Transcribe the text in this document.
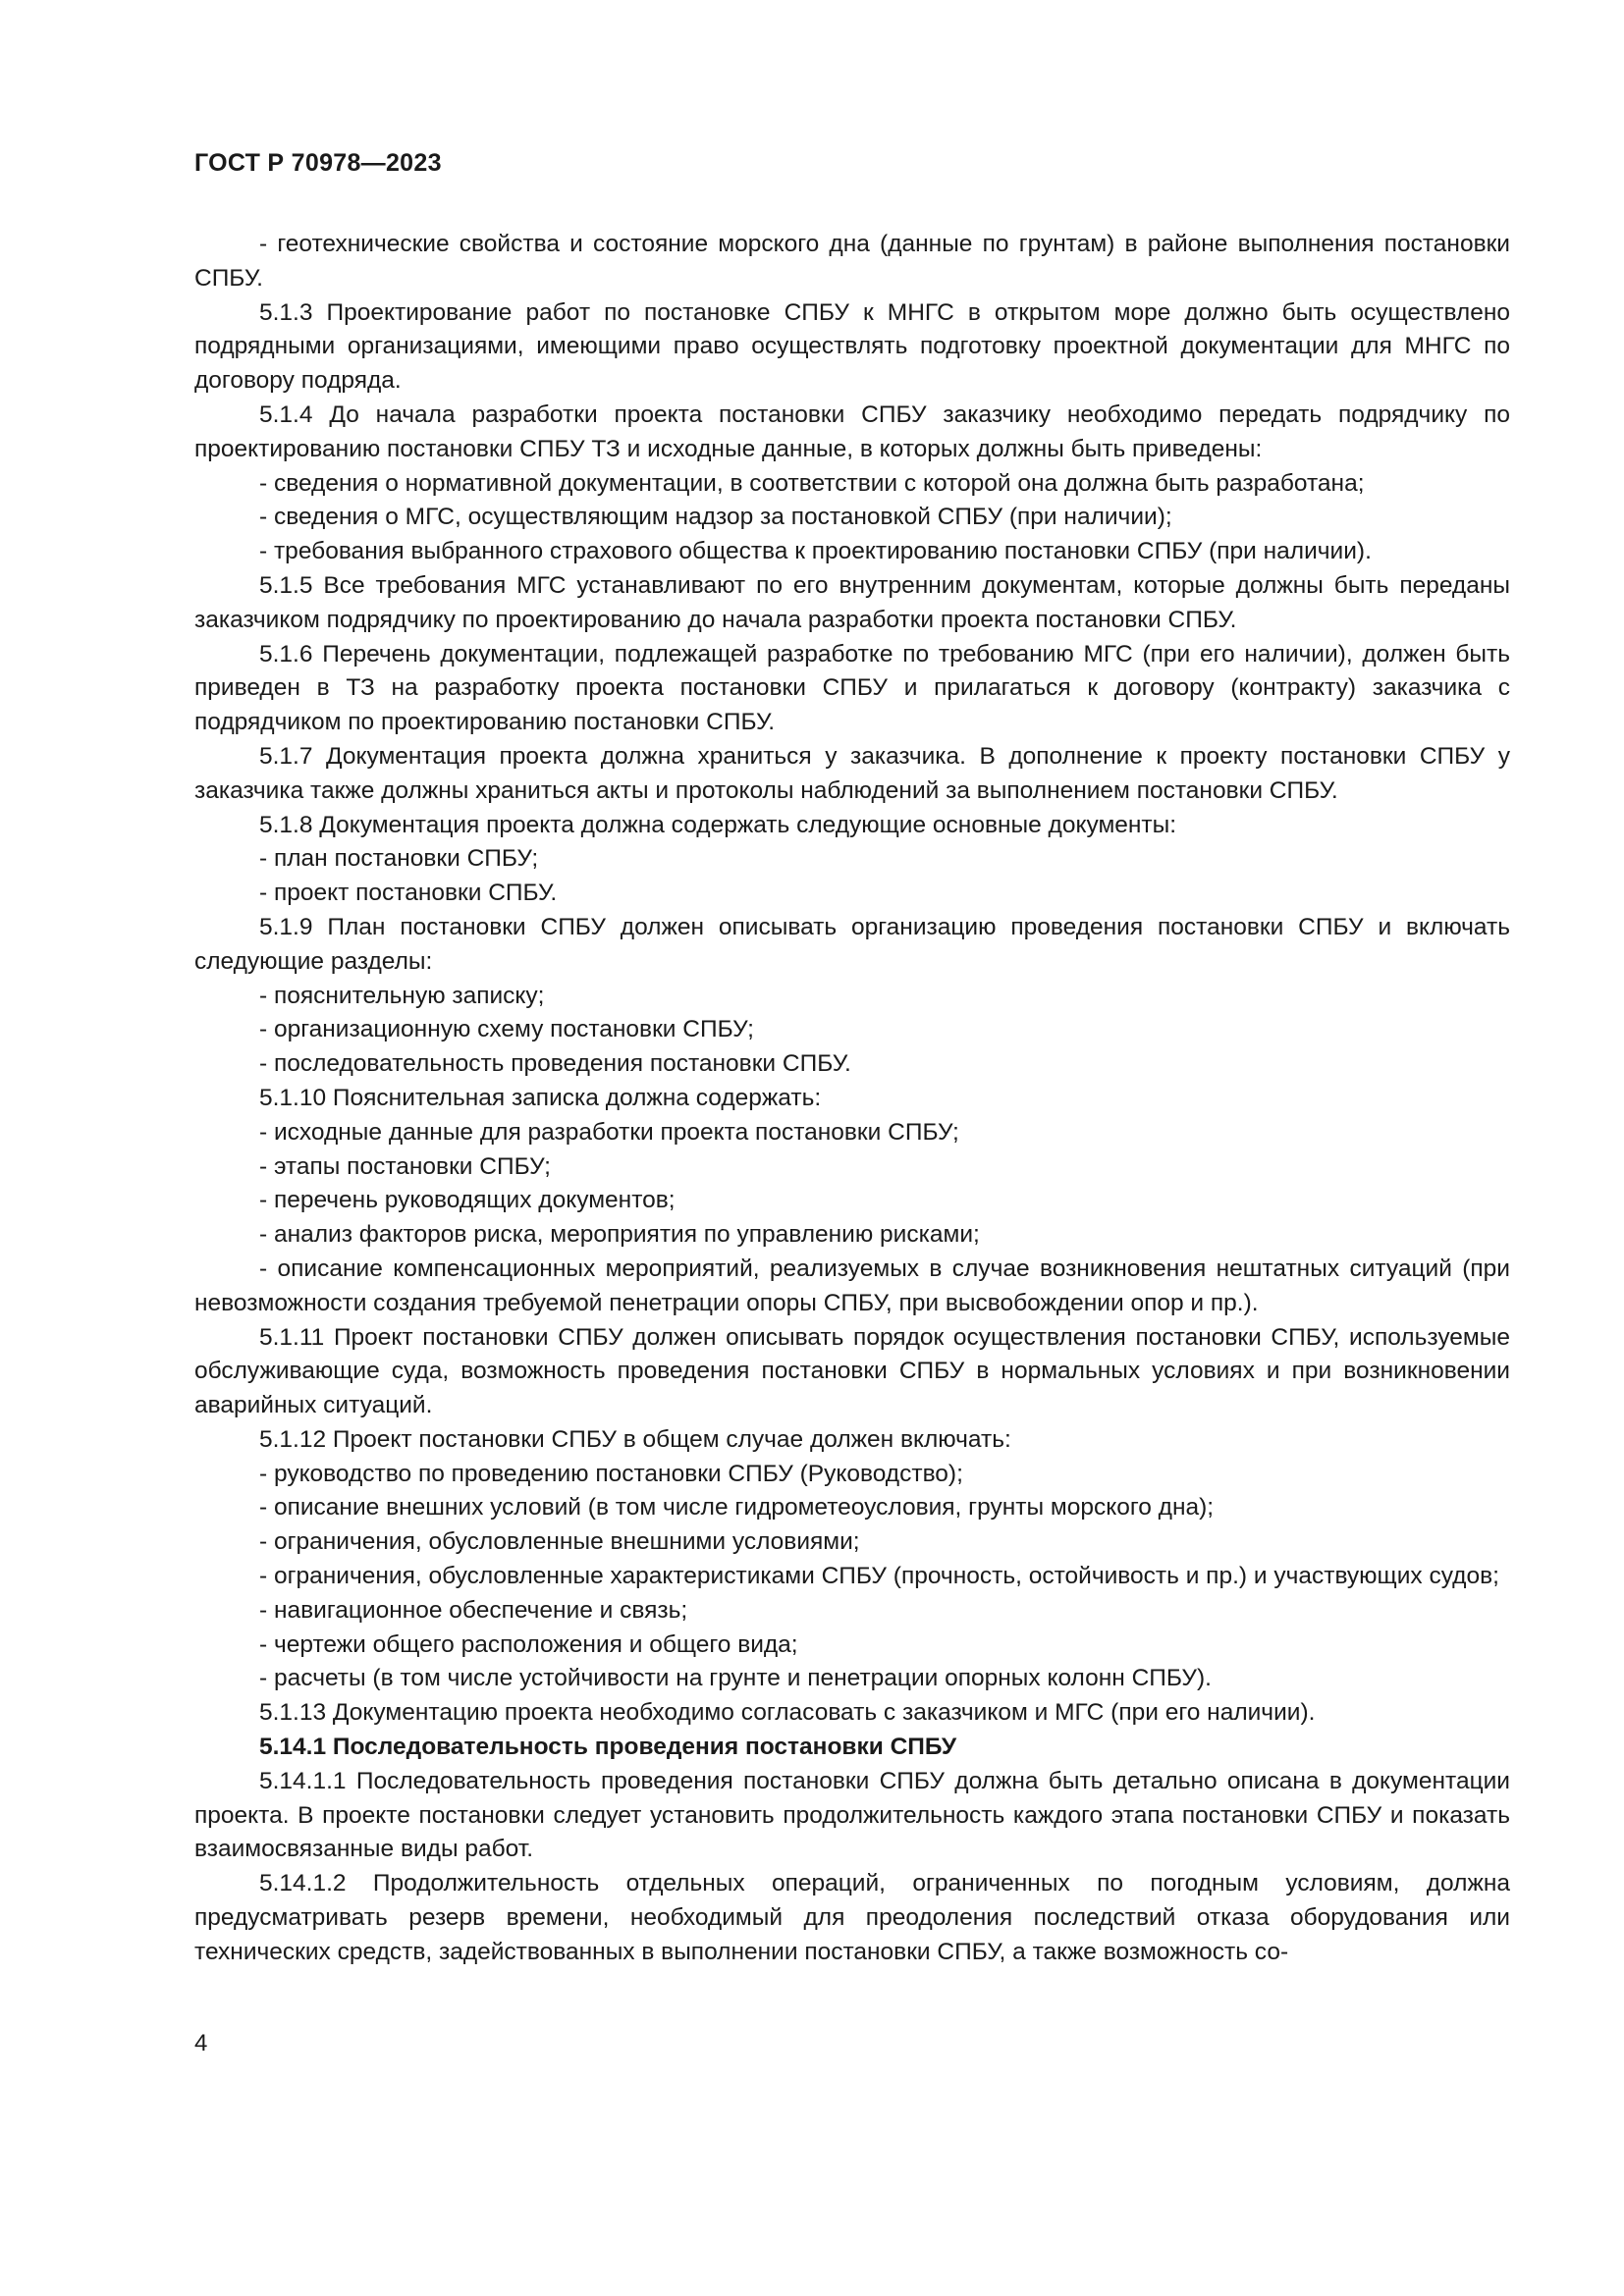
ГОСТ Р 70978—2023

- геотехнические свойства и состояние морского дна (данные по грунтам) в районе выполнения постановки СПБУ.

5.1.3 Проектирование работ по постановке СПБУ к МНГС в открытом море должно быть осуществлено подрядными организациями, имеющими право осуществлять подготовку проектной документации для МНГС по договору подряда.

5.1.4 До начала разработки проекта постановки СПБУ заказчику необходимо передать подрядчику по проектированию постановки СПБУ ТЗ и исходные данные, в которых должны быть приведены:

- сведения о нормативной документации, в соответствии с которой она должна быть разработана;

- сведения о МГС, осуществляющим надзор за постановкой СПБУ (при наличии);

- требования выбранного страхового общества к проектированию постановки СПБУ (при наличии).

5.1.5 Все требования МГС устанавливают по его внутренним документам, которые должны быть переданы заказчиком подрядчику по проектированию до начала разработки проекта постановки СПБУ.

5.1.6 Перечень документации, подлежащей разработке по требованию МГС (при его наличии), должен быть приведен в ТЗ на разработку проекта постановки СПБУ и прилагаться к договору (контракту) заказчика с подрядчиком по проектированию постановки СПБУ.

5.1.7 Документация проекта должна храниться у заказчика. В дополнение к проекту постановки СПБУ у заказчика также должны храниться акты и протоколы наблюдений за выполнением постановки СПБУ.

5.1.8 Документация проекта должна содержать следующие основные документы:

- план постановки СПБУ;

- проект постановки СПБУ.

5.1.9 План постановки СПБУ должен описывать организацию проведения постановки СПБУ и включать следующие разделы:

- пояснительную записку;

- организационную схему постановки СПБУ;

- последовательность проведения постановки СПБУ.

5.1.10 Пояснительная записка должна содержать:

- исходные данные для разработки проекта постановки СПБУ;

- этапы постановки СПБУ;

- перечень руководящих документов;

- анализ факторов риска, мероприятия по управлению рисками;

- описание компенсационных мероприятий, реализуемых в случае возникновения нештатных ситуаций (при невозможности создания требуемой пенетрации опоры СПБУ, при высвобождении опор и пр.).

5.1.11 Проект постановки СПБУ должен описывать порядок осуществления постановки СПБУ, используемые обслуживающие суда, возможность проведения постановки СПБУ в нормальных условиях и при возникновении аварийных ситуаций.

5.1.12 Проект постановки СПБУ в общем случае должен включать:

- руководство по проведению постановки СПБУ (Руководство);

- описание внешних условий (в том числе гидрометеоусловия, грунты морского дна);

- ограничения, обусловленные внешними условиями;

- ограничения, обусловленные характеристиками СПБУ (прочность, остойчивость и пр.) и участвующих судов;

- навигационное обеспечение и связь;

- чертежи общего расположения и общего вида;

- расчеты (в том числе устойчивости на грунте и пенетрации опорных колонн СПБУ).

5.1.13 Документацию проекта необходимо согласовать с заказчиком и МГС (при его наличии).

5.14.1 Последовательность проведения постановки СПБУ

5.14.1.1 Последовательность проведения постановки СПБУ должна быть детально описана в документации проекта. В проекте постановки следует установить продолжительность каждого этапа постановки СПБУ и показать взаимосвязанные виды работ.

5.14.1.2 Продолжительность отдельных операций, ограниченных по погодным условиям, должна предусматривать резерв времени, необходимый для преодоления последствий отказа оборудования или технических средств, задействованных в выполнении постановки СПБУ, а также возможность со-

4
